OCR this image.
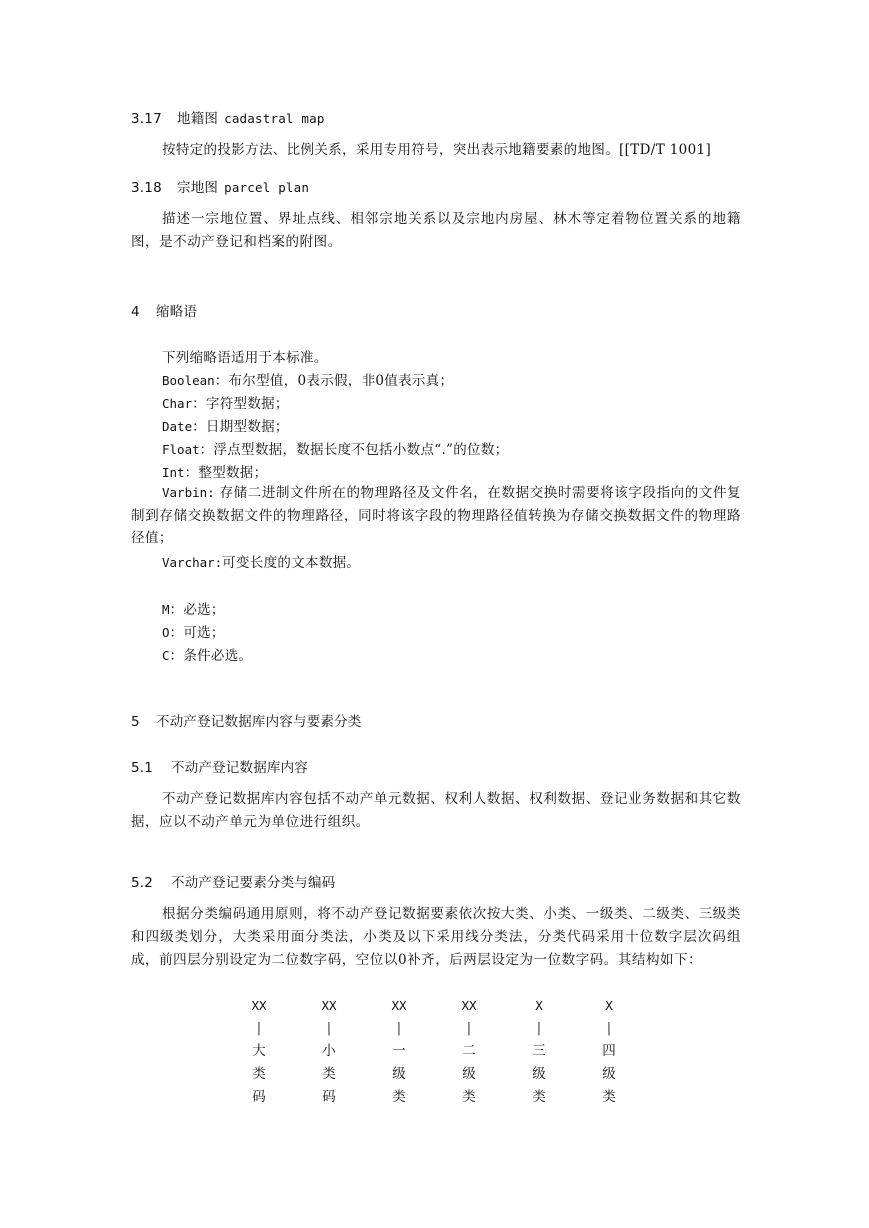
3.17 地籍图 cadastral map
按特定的投影方法、比例关系，采用专用符号，突出表示地籍要素的地图。[[TD/T 1001]
3.18 宗地图 parcel plan
描述一宗地位置、界址点线、相邻宗地关系以及宗地内房屋、林木等定着物位置关系的地籍图，是不动产登记和档案的附图。
4 缩略语
下列缩略语适用于本标准。
Boolean：布尔型值，0表示假，非0值表示真；
Char：字符型数据；
Date：日期型数据；
Float：浮点型数据，数据长度不包括小数点“.”的位数；
Int：整型数据；
Varbin: 存储二进制文件所在的物理路径及文件名，在数据交换时需要将该字段指向的文件复制到存储交换数据文件的物理路径，同时将该字段的物理路径值转换为存储交换数据文件的物理路径值；
Varchar:可变长度的文本数据。
M：必选；
O：可选；
C：条件必选。
5 不动产登记数据库内容与要素分类
5.1 不动产登记数据库内容
不动产登记数据库内容包括不动产单元数据、权利人数据、权利数据、登记业务数据和其它数据，应以不动产单元为单位进行组织。
5.2 不动产登记要素分类与编码
根据分类编码通用原则，将不动产登记数据要素依次按大类、小类、一级类、二级类、三级类和四级类划分，大类采用面分类法，小类及以下采用线分类法，分类代码采用十位数字层次码组成，前四层分别设定为二位数字码，空位以0补齐，后两层设定为一位数字码。其结构如下：
XX
|
大
类
码
XX
|
小
类
码
XX
|
一
级
类
XX
|
二
级
类
X
|
三
级
类
X
|
四
级
类
